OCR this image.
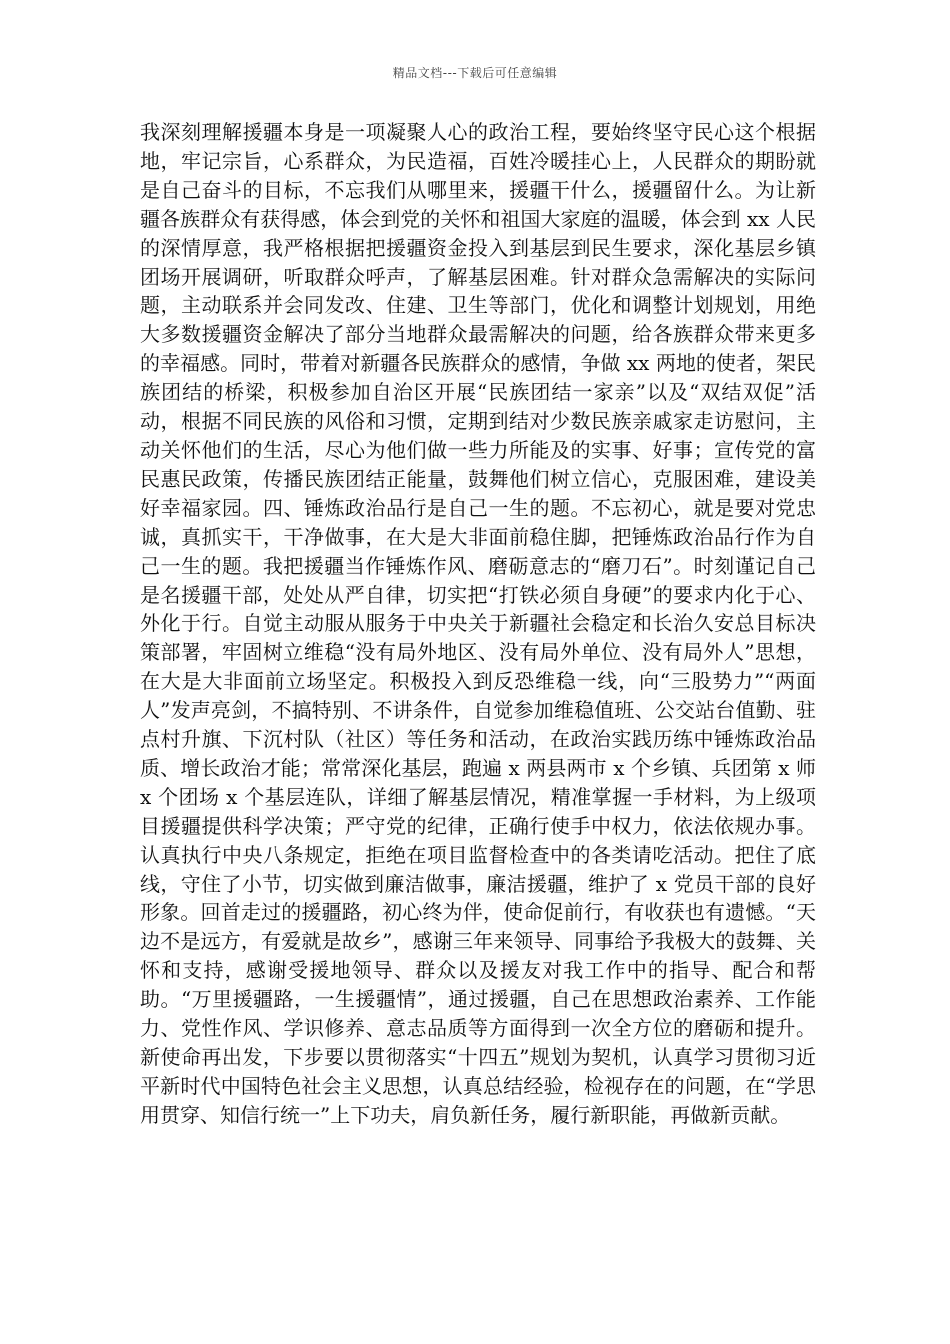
精品文档---下载后可任意编辑

我深刻理解援疆本身是一项凝聚人心的政治工程，要始终坚守民心这个根据地，牢记宗旨，心系群众，为民造福，百姓冷暖挂心上，人民群众的期盼就是自己奋斗的目标，不忘我们从哪里来，援疆干什么，援疆留什么。为让新疆各族群众有获得感，体会到党的关怀和祖国大家庭的温暖，体会到 xx 人民的深情厚意，我严格根据把援疆资金投入到基层到民生要求，深化基层乡镇团场开展调研，听取群众呼声，了解基层困难。针对群众急需解决的实际问题，主动联系并会同发改、住建、卫生等部门，优化和调整计划规划，用绝大多数援疆资金解决了部分当地群众最需解决的问题，给各族群众带来更多的幸福感。同时，带着对新疆各民族群众的感情，争做 xx 两地的使者，架民族团结的桥梁，积极参加自治区开展“民族团结一家亲”以及“双结双促”活动，根据不同民族的风俗和习惯，定期到结对少数民族亲戚家走访慰问，主动关怀他们的生活，尽心为他们做一些力所能及的实事、好事；宣传党的富民惠民政策，传播民族团结正能量，鼓舞他们树立信心，克服困难，建设美好幸福家园。四、锤炼政治品行是自己一生的题。不忘初心，就是要对党忠诚，真抓实干，干净做事，在大是大非面前稳住脚，把锤炼政治品行作为自己一生的题。我把援疆当作锤炼作风、磨砺意志的“磨刀石”。时刻谨记自己是名援疆干部，处处从严自律，切实把“打铁必须自身硬”的要求内化于心、外化于行。自觉主动服从服务于中央关于新疆社会稳定和长治久安总目标决策部署，牢固树立维稳“没有局外地区、没有局外单位、没有局外人”思想，在大是大非面前立场坚定。积极投入到反恐维稳一线，向“三股势力”“两面人”发声亮剑，不搞特别、不讲条件，自觉参加维稳值班、公交站台值勤、驻点村升旗、下沉村队（社区）等任务和活动，在政治实践历练中锤炼政治品质、增长政治才能；常常深化基层，跑遍 x 两县两市 x 个乡镇、兵团第 x 师 x 个团场 x 个基层连队，详细了解基层情况，精准掌握一手材料，为上级项目援疆提供科学决策；严守党的纪律，正确行使手中权力，依法依规办事。认真执行中央八条规定，拒绝在项目监督检查中的各类请吃活动。把住了底线，守住了小节，切实做到廉洁做事，廉洁援疆，维护了 x 党员干部的良好形象。回首走过的援疆路，初心终为伴，使命促前行，有收获也有遗憾。“天边不是远方，有爱就是故乡”，感谢三年来领导、同事给予我极大的鼓舞、关怀和支持，感谢受援地领导、群众以及援友对我工作中的指导、配合和帮助。“万里援疆路，一生援疆情”，通过援疆，自己在思想政治素养、工作能力、党性作风、学识修养、意志品质等方面得到一次全方位的磨砺和提升。新使命再出发，下步要以贯彻落实“十四五”规划为契机，认真学习贯彻习近平新时代中国特色社会主义思想，认真总结经验，检视存在的问题，在“学思用贯穿、知信行统一”上下功夫，肩负新任务，履行新职能，再做新贡献。
